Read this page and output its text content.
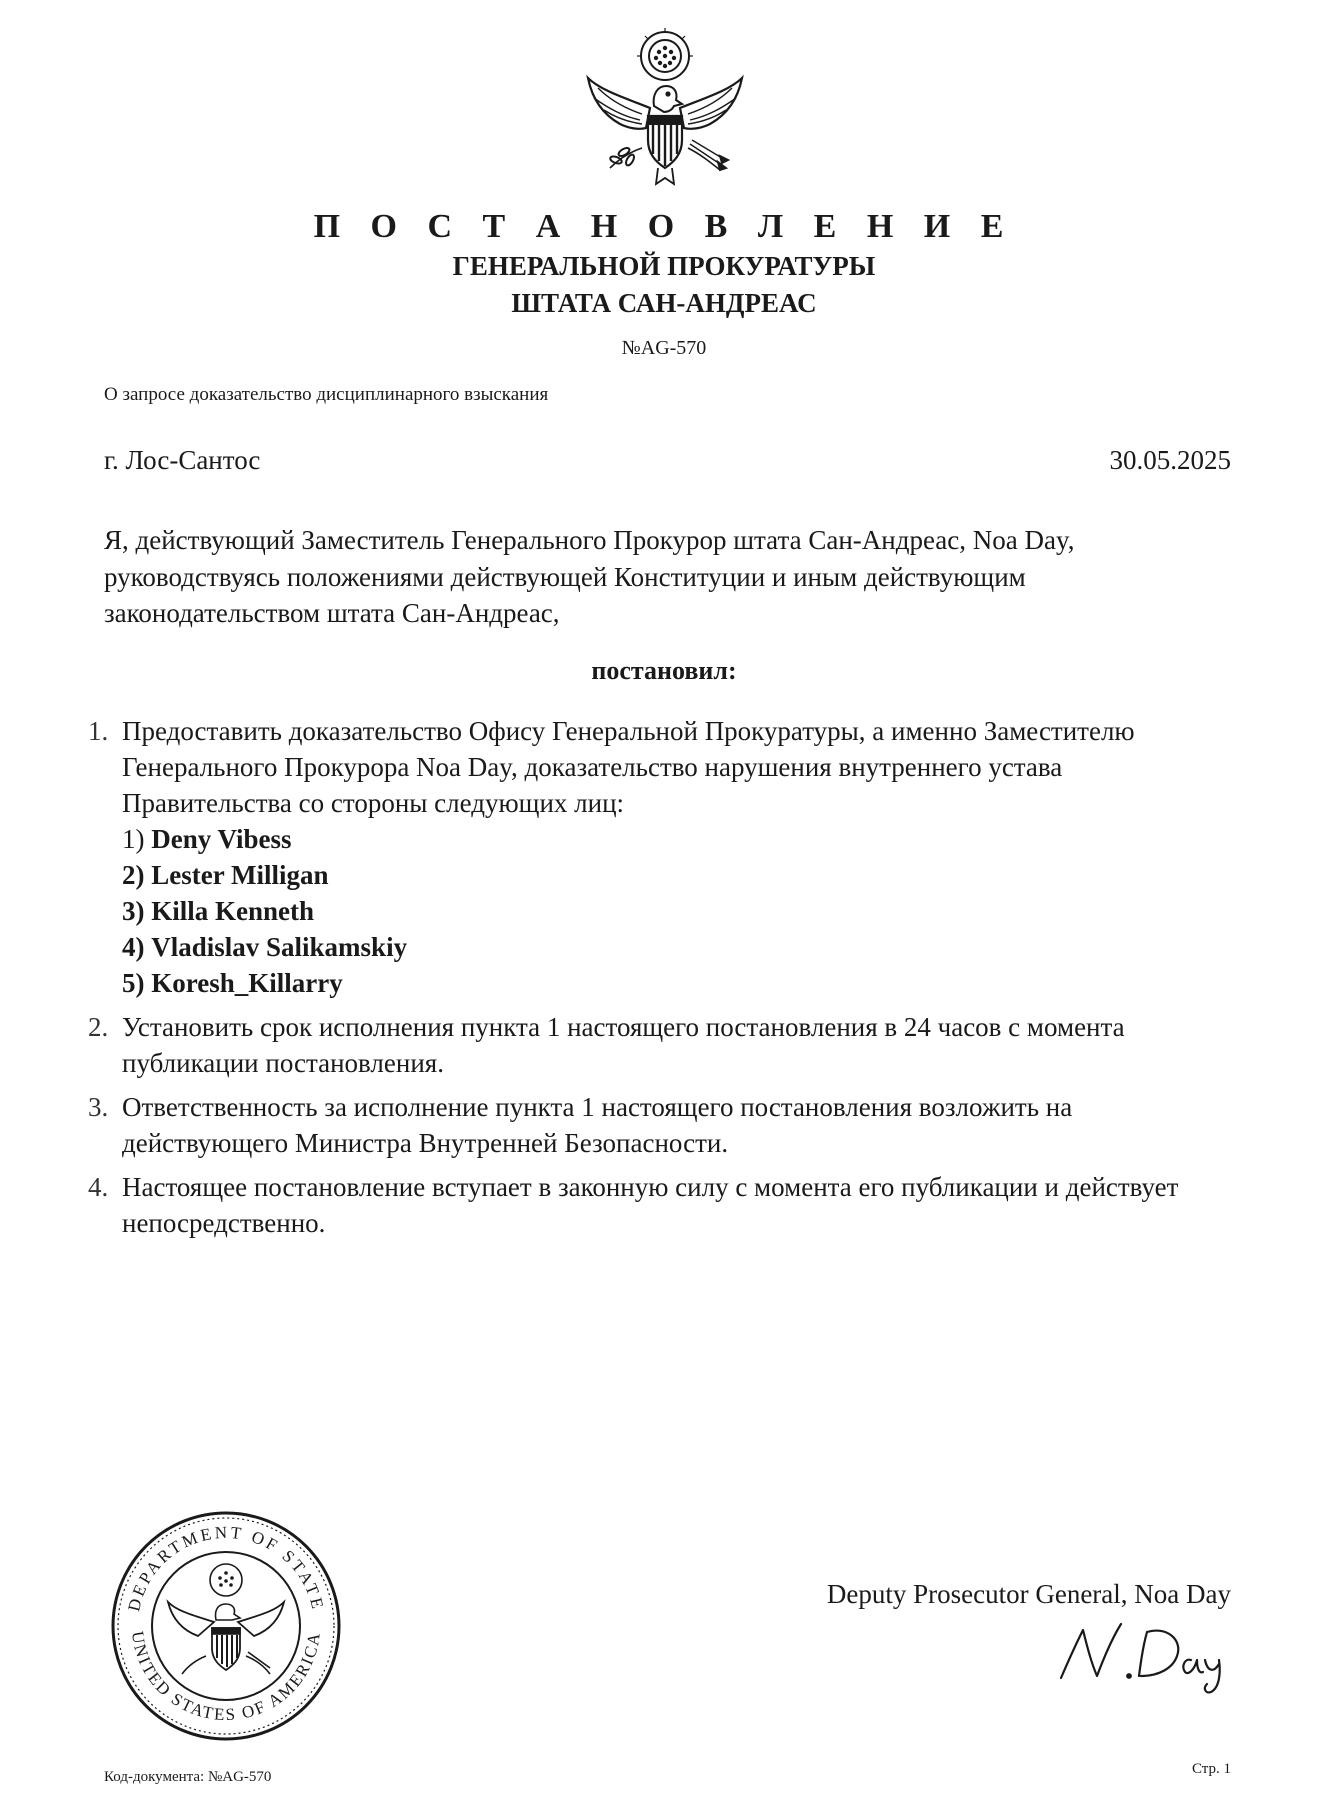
П О С Т А Н О В Л Е Н И Е
ГЕНЕРАЛЬНОЙ ПРОКУРАТУРЫ
ШТАТА САН-АНДРЕАС
№AG-570
О запросе доказательство дисциплинарного взыскания
г. Лос-Сантос	30.05.2025
Я, действующий Заместитель Генерального Прокурор штата Сан-Андреас, Noa Day, руководствуясь положениями действующей Конституции и иным действующим законодательством штата Сан-Андреас,
постановил:
1. Предоставить доказательство Офису Генеральной Прокуратуры, а именно Заместителю Генерального Прокурора Noa Day, доказательство нарушения внутреннего устава Правительства со стороны следующих лиц:
1) Deny Vibess
2) Lester Milligan
3) Killa Kenneth
4) Vladislav Salikamskiy
5) Koresh_Killarry
2. Установить срок исполнения пункта 1 настоящего постановления в 24 часов с момента публикации постановления.
3. Ответственность за исполнение пункта 1 настоящего постановления возложить на действующего Министра Внутренней Безопасности.
4. Настоящее постановление вступает в законную силу с момента его публикации и действует непосредственно.
DEPARTMENT OF STATE
UNITED STATES OF AMERICA
Deputy Prosecutor General, Noa Day
Код-документа: №AG-570	Стр. 1
